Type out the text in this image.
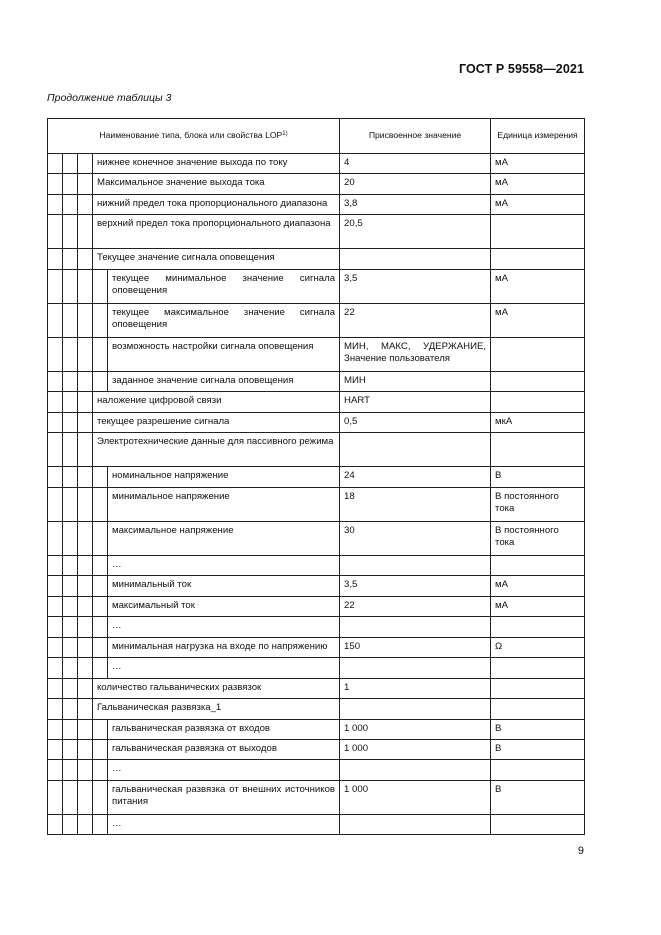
ГОСТ Р 59558—2021
Продолжение таблицы 3
Наименование типа, блока или свойства LOP$^{1)}$					Присвоенное значение	Единица измерения
			нижнее конечное значение выхода по току		4	мА
			Максимальное значение выхода тока		20	мА
			нижний предел тока пропорционального диапазона		3,8	мА
			верхний предел тока пропорционального диапазона		20,5	
			Текущее значение сигнала оповещения			
				текущее минимальное значение сигнала оповещения	3,5	мА
				текущее максимальное значение сигнала оповещения	22	мА
				возможность настройки сигнала оповещения	МИН, МАКС, УДЕРЖАНИЕ, Значение пользователя	
				заданное значение сигнала оповещения	МИН	
			наложение цифровой связи		HART	
			текущее разрешение сигнала		0,5	мкА
			Электротехнические данные для пассивного режима			
				номинальное напряжение	24	В
				минимальное напряжение	18	В постоянного тока
				максимальное напряжение	30	В постоянного тока
				…		
				минимальный ток	3,5	мА
				максимальный ток	22	мА
				…		
				минимальная нагрузка на входе по напряжению	150	Ω
				…		
			количество гальванических развязок		1	
			Гальваническая развязка_1			
				гальваническая развязка от входов	1 000	В
				гальваническая развязка от выходов	1 000	В
				…		
				гальваническая развязка от внешних источников питания	1 000	В
				…		
9
